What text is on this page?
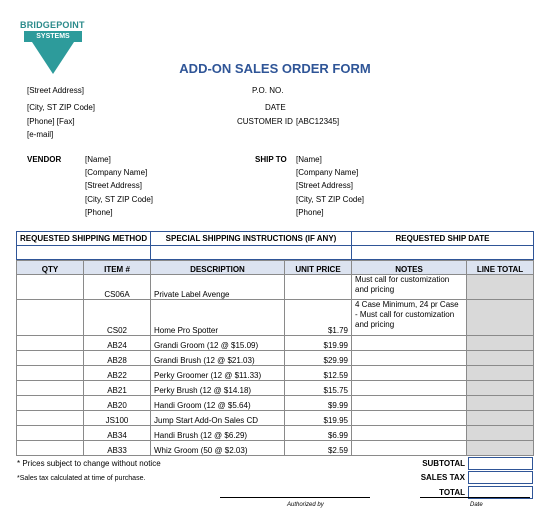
BRIDGEPOINT
SYSTEMS
ADD-ON SALES ORDER FORM
[Street Address]
[City, ST ZIP Code]
[Phone] [Fax]
[e-mail]
P.O. NO.
DATE
CUSTOMER ID [ABC12345]
VENDOR	[Name]
[Company Name]
[Street Address]
[City, ST ZIP Code]
[Phone]
SHIP TO [Name]
[Company Name]
[Street Address]
[City, ST ZIP Code]
[Phone]
REQUESTED SHIPPING METHOD	SPECIAL SHIPPING INSTRUCTIONS (IF ANY)	REQUESTED SHIP DATE

QTY	ITEM #	DESCRIPTION	UNIT PRICE	NOTES	LINE TOTAL
	CS06A	Private Label Avenge		Must call for customization and pricing	
	CS02	Home Pro Spotter	$1.79	4 Case Minimum, 24 pr Case - Must call for customization and pricing	
	AB24	Grandi Groom (12 @ $15.09)	$19.99		
	AB28	Grandi Brush (12 @ $21.03)	$29.99		
	AB22	Perky Groomer (12 @ $11.33)	$12.59		
	AB21	Perky Brush (12 @ $14.18)	$15.75		
	AB20	Handi Groom (12 @ $5.64)	$9.99		
	JS100	Jump Start Add-On Sales CD	$19.95		
	AB34	Handi Brush (12 @ $6.29)	$6.99		
	AB33	Whiz Groom (50 @ $2.03)	$2.59		
* Prices subject to change without notice
*Sales tax calculated at time of purchase.
SUBTOTAL
SALES TAX
TOTAL
Authorized by	Date
